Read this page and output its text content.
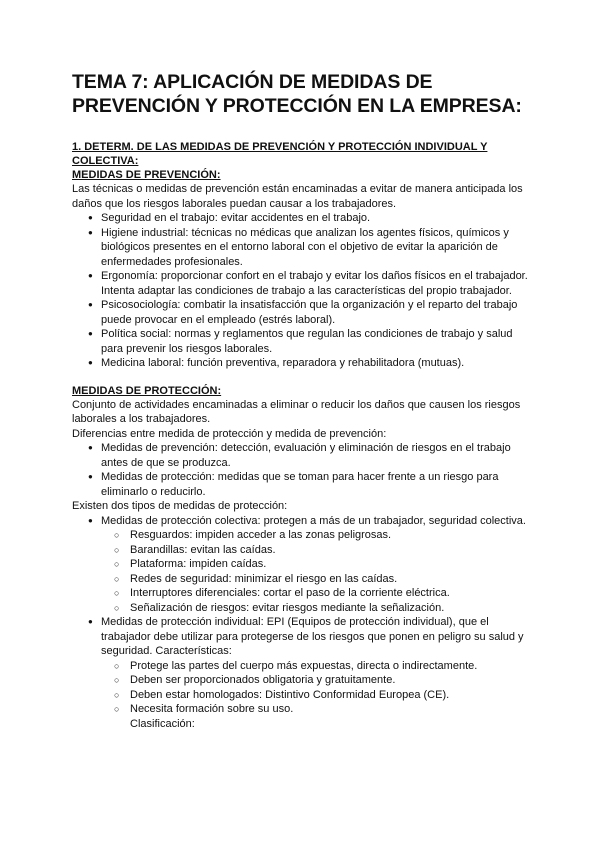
TEMA 7: APLICACIÓN DE MEDIDAS DE PREVENCIÓN Y PROTECCIÓN EN LA EMPRESA:
1. DETERM. DE LAS MEDIDAS DE PREVENCIÓN Y PROTECCIÓN INDIVIDUAL Y COLECTIVA:
MEDIDAS DE PREVENCIÓN:

Las técnicas o medidas de prevención están encaminadas a evitar de manera anticipada los daños que los riesgos laborales puedan causar a los trabajadores.

● Seguridad en el trabajo: evitar accidentes en el trabajo.
● Higiene industrial: técnicas no médicas que analizan los agentes físicos, químicos y biológicos presentes en el entorno laboral con el objetivo de evitar la aparición de enfermedades profesionales.
● Ergonomía: proporcionar confort en el trabajo y evitar los daños físicos en el trabajador. Intenta adaptar las condiciones de trabajo a las características del propio trabajador.
● Psicosociología: combatir la insatisfacción que la organización y el reparto del trabajo puede provocar en el empleado (estrés laboral).
● Política social: normas y reglamentos que regulan las condiciones de trabajo y salud para prevenir los riesgos laborales.
● Medicina laboral: función preventiva, reparadora y rehabilitadora (mutuas).
MEDIDAS DE PROTECCIÓN:

Conjunto de actividades encaminadas a eliminar o reducir los daños que causen los riesgos laborales a los trabajadores.

Diferencias entre medida de protección y medida de prevención:

● Medidas de prevención: detección, evaluación y eliminación de riesgos en el trabajo antes de que se produzca.
● Medidas de protección: medidas que se toman para hacer frente a un riesgo para eliminarlo o reducirlo.

Existen dos tipos de medidas de protección:

● Medidas de protección colectiva: protegen a más de un trabajador, seguridad colectiva.
○ Resguardos: impiden acceder a las zonas peligrosas.
○ Barandillas: evitan las caídas.
○ Plataforma: impiden caídas.
○ Redes de seguridad: minimizar el riesgo en las caídas.
○ Interruptores diferenciales: cortar el paso de la corriente eléctrica.
○ Señalización de riesgos: evitar riesgos mediante la señalización.
● Medidas de protección individual: EPI (Equipos de protección individual), que el trabajador debe utilizar para protegerse de los riesgos que ponen en peligro su salud y seguridad. Características:
○ Protege las partes del cuerpo más expuestas, directa o indirectamente.
○ Deben ser proporcionados obligatoria y gratuitamente.
○ Deben estar homologados: Distintivo Conformidad Europea (CE).
○ Necesita formación sobre su uso.

Clasificación:
